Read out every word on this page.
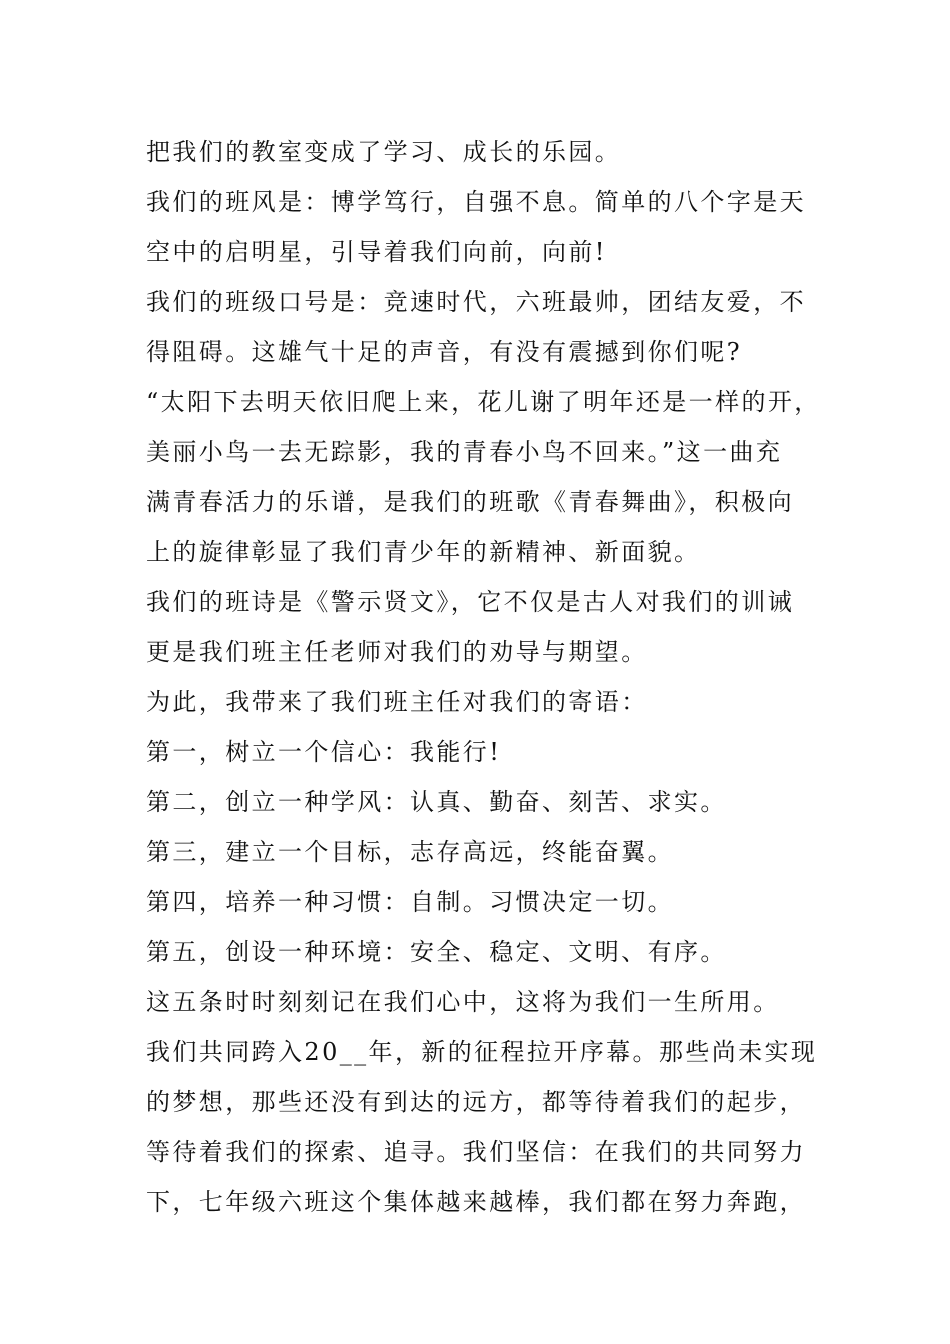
把我们的教室变成了学习、成长的乐园。
我们的班风是：博学笃行，自强不息。简单的八个字是天
空中的启明星，引导着我们向前，向前!
我们的班级口号是：竞速时代，六班最帅，团结友爱，不
得阻碍。这雄气十足的声音，有没有震撼到你们呢?
“太阳下去明天依旧爬上来，花儿谢了明年还是一样的开，
美丽小鸟一去无踪影，我的青春小鸟不回来。”这一曲充
满青春活力的乐谱，是我们的班歌《青春舞曲》，积极向
上的旋律彰显了我们青少年的新精神、新面貌。
我们的班诗是《警示贤文》，它不仅是古人对我们的训诫
更是我们班主任老师对我们的劝导与期望。
为此，我带来了我们班主任对我们的寄语：
第一，树立一个信心：我能行!
第二，创立一种学风：认真、勤奋、刻苦、求实。
第三，建立一个目标，志存高远，终能奋翼。
第四，培养一种习惯：自制。习惯决定一切。
第五，创设一种环境：安全、稳定、文明、有序。
这五条时时刻刻记在我们心中，这将为我们一生所用。
我们共同跨入20__年，新的征程拉开序幕。那些尚未实现
的梦想，那些还没有到达的远方，都等待着我们的起步，
等待着我们的探索、追寻。我们坚信：在我们的共同努力
下，七年级六班这个集体越来越棒，我们都在努力奔跑，
